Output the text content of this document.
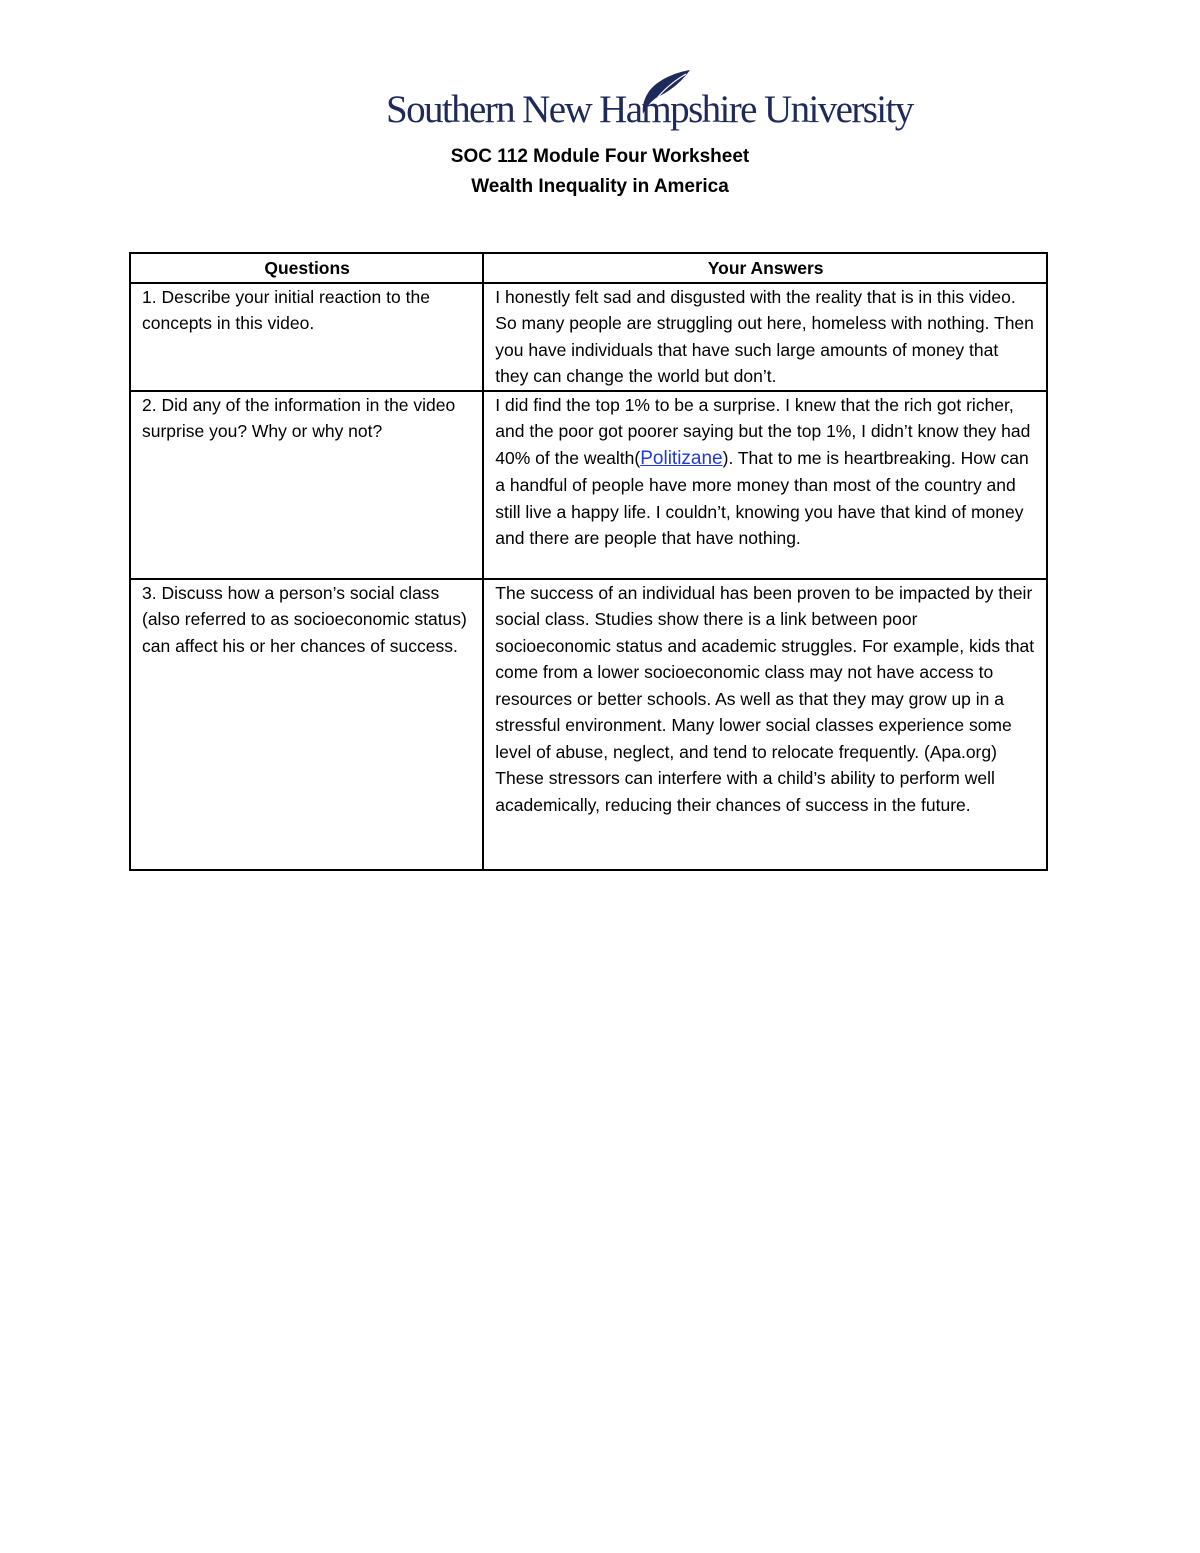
Southern New Hampshire University
SOC 112 Module Four Worksheet
Wealth Inequality in America
Questions	Your Answers
1. Describe your initial reaction to the concepts in this video.	I honestly felt sad and disgusted with the reality that is in this video. So many people are struggling out here, homeless with nothing. Then you have individuals that have such large amounts of money that they can change the world but don’t.
2. Did any of the information in the video surprise you? Why or why not?	I did find the top 1% to be a surprise. I knew that the rich got richer, and the poor got poorer saying but the top 1%, I didn’t know they had 40% of the wealth(Politizane). That to me is heartbreaking. How can a handful of people have more money than most of the country and still live a happy life. I couldn’t, knowing you have that kind of money and there are people that have nothing.
3. Discuss how a person’s social class (also referred to as socioeconomic status) can affect his or her chances of success.	The success of an individual has been proven to be impacted by their social class. Studies show there is a link between poor socioeconomic status and academic struggles. For example, kids that come from a lower socioeconomic class may not have access to resources or better schools. As well as that they may grow up in a stressful environment. Many lower social classes experience some level of abuse, neglect, and tend to relocate frequently. (Apa.org) These stressors can interfere with a child’s ability to perform well academically, reducing their chances of success in the future.
